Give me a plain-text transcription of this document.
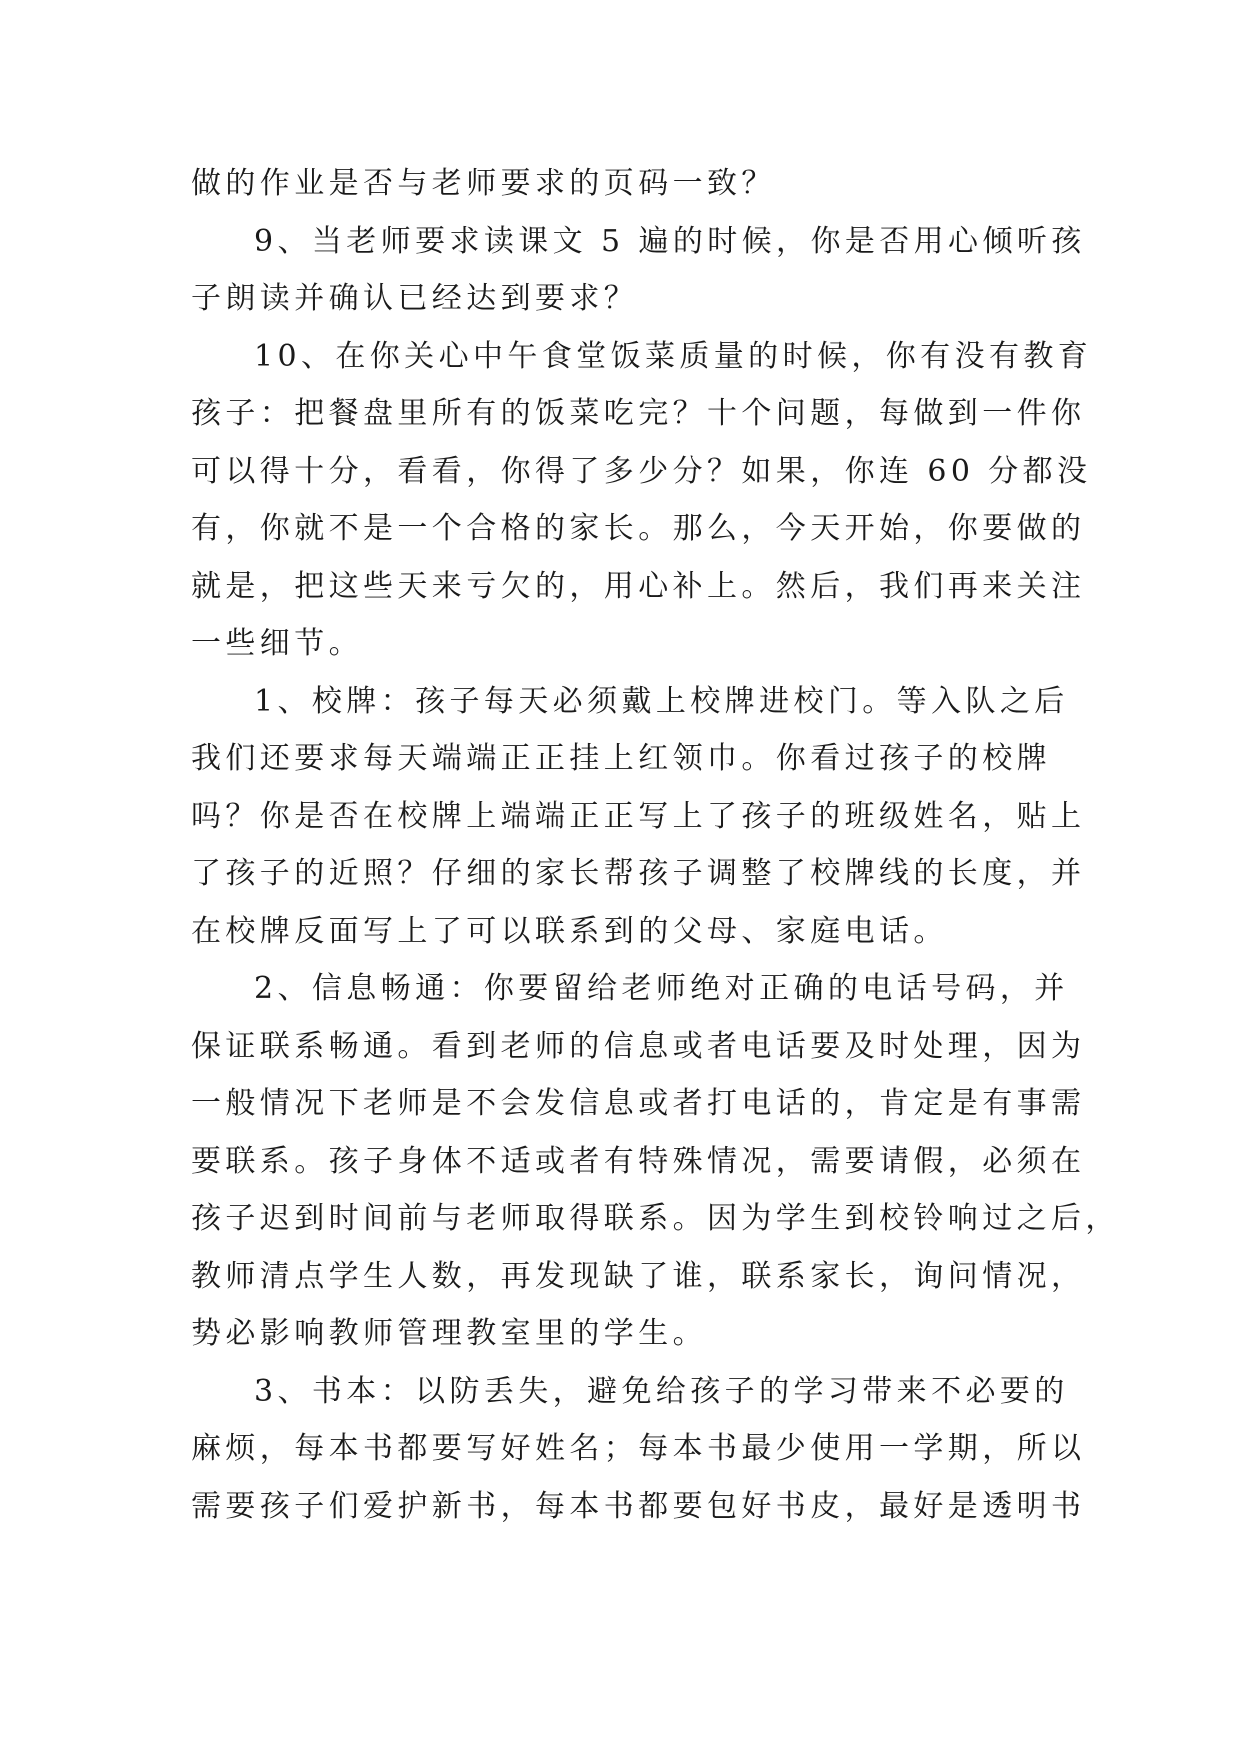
做的作业是否与老师要求的页码一致？
9、当老师要求读课文 5 遍的时候，你是否用心倾听孩
子朗读并确认已经达到要求？
10、在你关心中午食堂饭菜质量的时候，你有没有教育
孩子：把餐盘里所有的饭菜吃完？十个问题，每做到一件你
可以得十分，看看，你得了多少分？如果，你连 60 分都没
有，你就不是一个合格的家长。那么，今天开始，你要做的
就是，把这些天来亏欠的，用心补上。然后，我们再来关注
一些细节。
1、校牌：孩子每天必须戴上校牌进校门。等入队之后
我们还要求每天端端正正挂上红领巾。你看过孩子的校牌
吗？你是否在校牌上端端正正写上了孩子的班级姓名，贴上
了孩子的近照？仔细的家长帮孩子调整了校牌线的长度，并
在校牌反面写上了可以联系到的父母、家庭电话。
2、信息畅通：你要留给老师绝对正确的电话号码，并
保证联系畅通。看到老师的信息或者电话要及时处理，因为
一般情况下老师是不会发信息或者打电话的，肯定是有事需
要联系。孩子身体不适或者有特殊情况，需要请假，必须在
孩子迟到时间前与老师取得联系。因为学生到校铃响过之后，
教师清点学生人数，再发现缺了谁，联系家长，询问情况，
势必影响教师管理教室里的学生。
3、书本：以防丢失，避免给孩子的学习带来不必要的
麻烦，每本书都要写好姓名；每本书最少使用一学期，所以
需要孩子们爱护新书，每本书都要包好书皮，最好是透明书
